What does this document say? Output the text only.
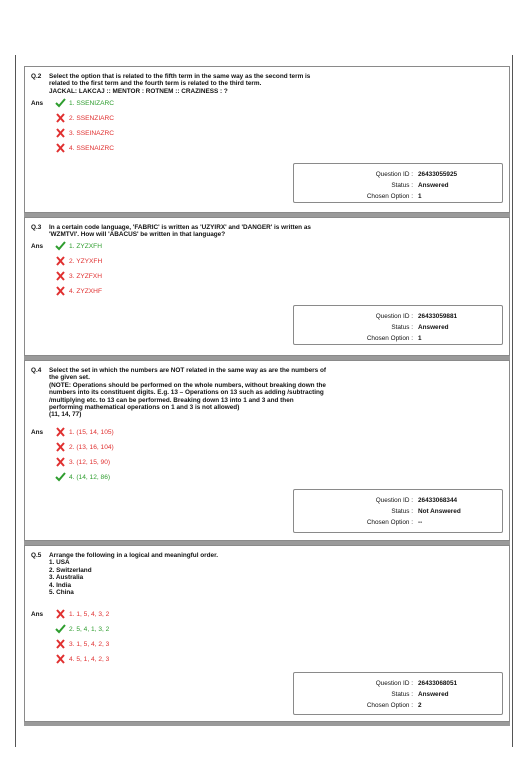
Q.2 Select the option that is related to the fifth term in the same way as the second term is
related to the first term and the fourth term is related to the third term.
JACKAL: LAKCAJ :: MENTOR : ROTNEM :: CRAZINESS : ?
Ans	1. SSENIZARC
2. SSENZIARC
3. SSEINAZRC
4. SSENAIZRC
Question ID : 26433055925
Status : Answered
Chosen Option : 1
Q.3 In a certain code language, 'FABRIC' is written as 'UZYIRX' and 'DANGER' is written as
'WZMTVI'. How will 'ABACUS' be written in that language?
Ans	1. ZYZXFH
2. YZYXFH
3. ZYZFXH
4. ZYZXHF
Question ID : 26433059881
Status : Answered
Chosen Option : 1
Q.4 Select the set in which the numbers are NOT related in the same way as are the numbers of
the given set.
(NOTE: Operations should be performed on the whole numbers, without breaking down the
numbers into its constituent digits. E.g. 13 – Operations on 13 such as adding /subtracting
/multiplying etc. to 13 can be performed. Breaking down 13 into 1 and 3 and then
performing mathematical operations on 1 and 3 is not allowed)
(11, 14, 77)
Ans	1. (15, 14, 105)
2. (13, 16, 104)
3. (12, 15, 90)
4. (14, 12, 86)
Question ID : 26433068344
Status : Not Answered
Chosen Option : --
Q.5 Arrange the following in a logical and meaningful order.
1. USA
2. Switzerland
3. Australia
4. India
5. China
Ans	1. 1, 5, 4, 3, 2
2. 5, 4, 1, 3, 2
3. 1, 5, 4, 2, 3
4. 5, 1, 4, 2, 3
Question ID : 26433068051
Status : Answered
Chosen Option : 2
